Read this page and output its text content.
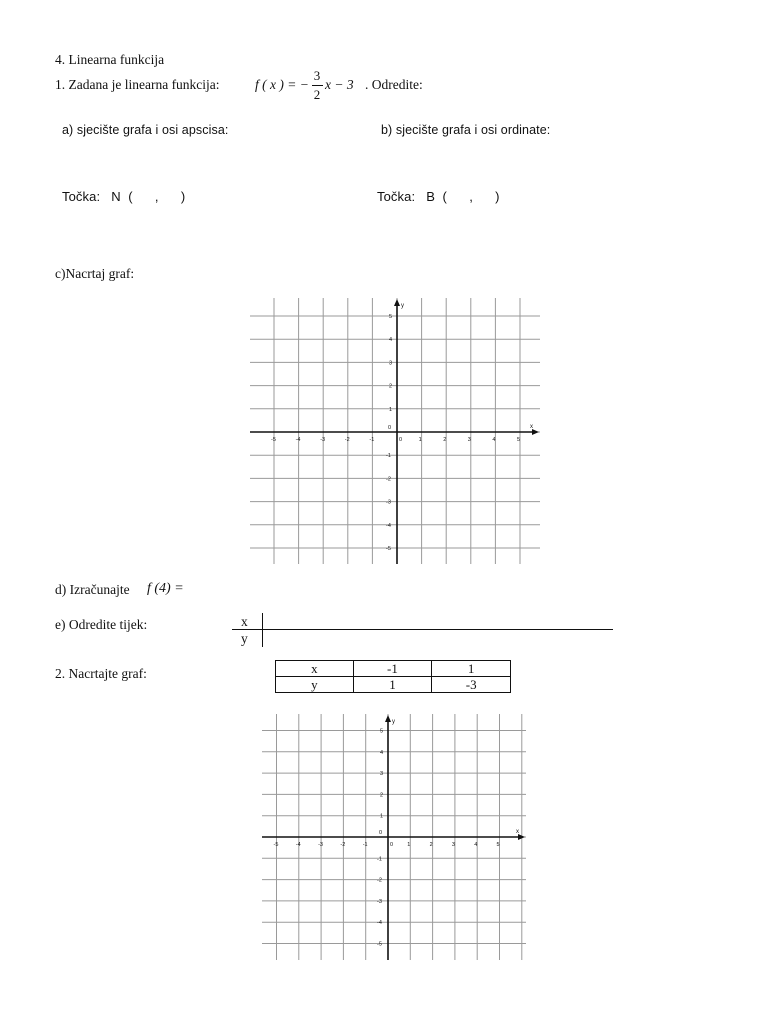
4. Linearna funkcija
1. Zadana je linearna funkcija:	f ( x ) = −
3
2
x − 3 . Odredite:
a) sjecište grafa i osi apscisa:	b) sjecište grafa i osi ordinate:
Točka:   N  (      ,      )	Točka:   B  (      ,      )
c)Nacrtaj graf:
x
y
-5	-4	-3	-2	-1	0	1	2	3	4	5
5
4
3
2
1
0
-1
-2
-3
-4
-5
d) Izračunajte f (4) =
e) Odredite tijek:	x
y
2. Nacrtajte graf:	x	-1	1
y	1	-3
x
y
-5	-4	-3	-2	-1	0	1	2	3	4	5
5
4
3
2
1
0
-1
-2
-3
-4
-5
